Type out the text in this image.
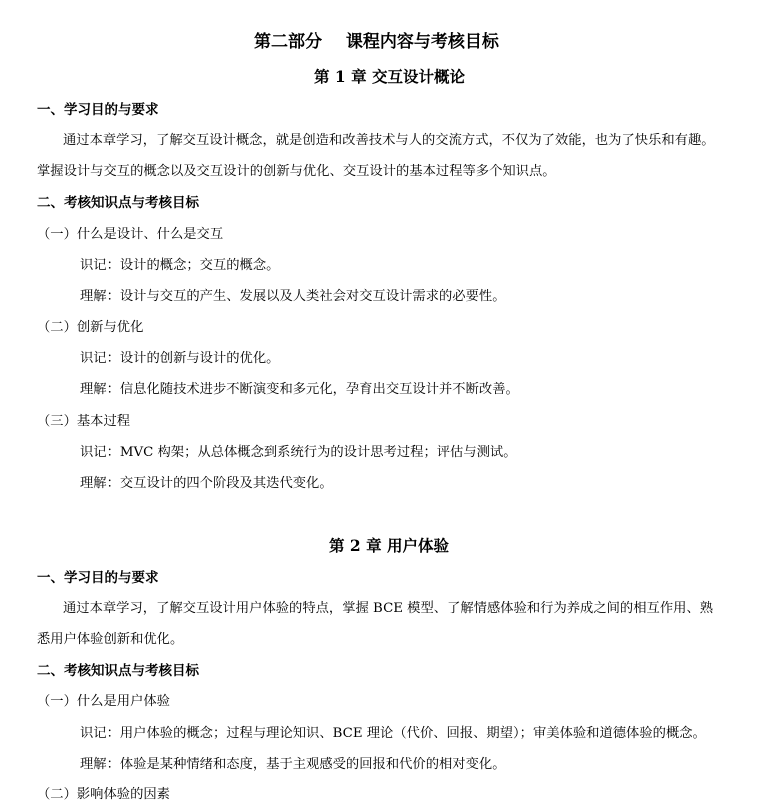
第二部分 课程内容与考核目标
第 1 章 交互设计概论
一、学习目的与要求
通过本章学习，了解交互设计概念，就是创造和改善技术与人的交流方式，不仅为了效能，也为了快乐和有趣。
掌握设计与交互的概念以及交互设计的创新与优化、交互设计的基本过程等多个知识点。
二、考核知识点与考核目标
（一）什么是设计、什么是交互
识记：设计的概念；交互的概念。
理解：设计与交互的产生、发展以及人类社会对交互设计需求的必要性。
（二）创新与优化
识记：设计的创新与设计的优化。
理解：信息化随技术进步不断演变和多元化，孕育出交互设计并不断改善。
（三）基本过程
识记：MVC 构架；从总体概念到系统行为的设计思考过程；评估与测试。
理解：交互设计的四个阶段及其迭代变化。
第 2 章 用户体验
一、学习目的与要求
通过本章学习，了解交互设计用户体验的特点，掌握 BCE 模型、了解情感体验和行为养成之间的相互作用、熟
悉用户体验创新和优化。
二、考核知识点与考核目标
（一）什么是用户体验
识记：用户体验的概念；过程与理论知识、BCE 理论（代价、回报、期望）；审美体验和道德体验的概念。
理解：体验是某种情绪和态度，基于主观感受的回报和代价的相对变化。
（二）影响体验的因素
